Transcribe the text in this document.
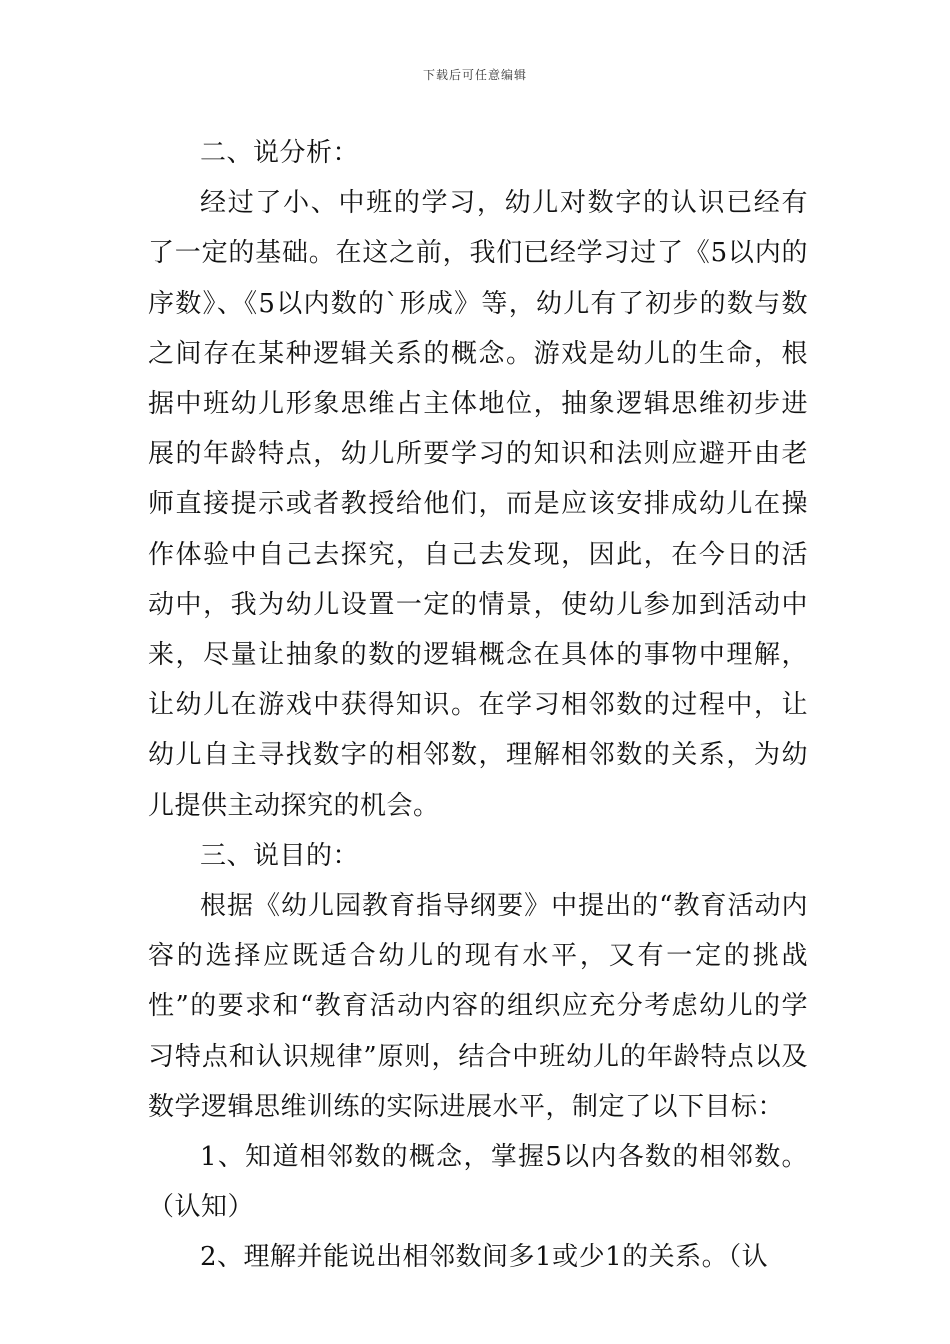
下载后可任意编辑

二、说分析：

经过了小、中班的学习，幼儿对数字的认识已经有了一定的基础。在这之前，我们已经学习过了《5以内的序数》、《5以内数的`形成》等，幼儿有了初步的数与数之间存在某种逻辑关系的概念。游戏是幼儿的生命，根据中班幼儿形象思维占主体地位，抽象逻辑思维初步进展的年龄特点，幼儿所要学习的知识和法则应避开由老师直接提示或者教授给他们，而是应该安排成幼儿在操作体验中自己去探究，自己去发现，因此，在今日的活动中，我为幼儿设置一定的情景，使幼儿参加到活动中来，尽量让抽象的数的逻辑概念在具体的事物中理解，让幼儿在游戏中获得知识。在学习相邻数的过程中，让幼儿自主寻找数字的相邻数，理解相邻数的关系，为幼儿提供主动探究的机会。

三、说目的：

根据《幼儿园教育指导纲要》中提出的“教育活动内容的选择应既适合幼儿的现有水平，又有一定的挑战性”的要求和“教育活动内容的组织应充分考虑幼儿的学习特点和认识规律”原则，结合中班幼儿的年龄特点以及数学逻辑思维训练的实际进展水平，制定了以下目标：

1、知道相邻数的概念，掌握5以内各数的相邻数。（认知）

2、理解并能说出相邻数间多1或少1的关系。（认
